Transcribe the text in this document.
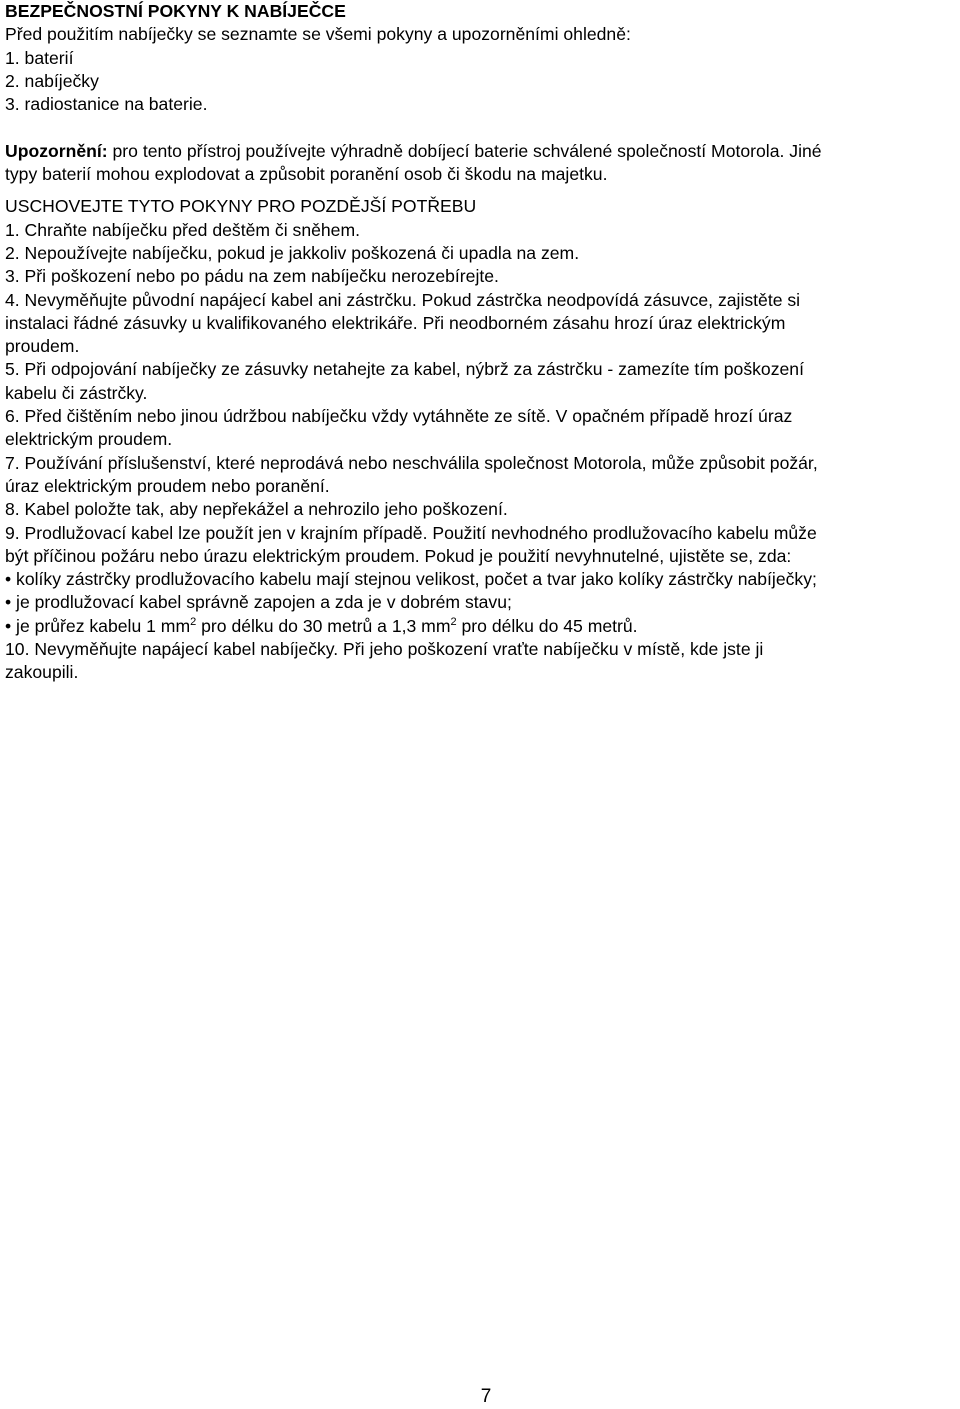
BEZPEČNOSTNÍ POKYNY K NABÍJEČCE
Před použitím nabíječky se seznamte se všemi pokyny a upozorněními ohledně:
1. baterií
2. nabíječky
3. radiostanice na baterie.
Upozornění: pro tento přístroj používejte výhradně dobíjecí baterie schválené společností Motorola. Jiné
typy baterií mohou explodovat a způsobit poranění osob či škodu na majetku.
USCHOVEJTE TYTO POKYNY PRO POZDĚJŠÍ POTŘEBU
1. Chraňte nabíječku před deštěm či sněhem.
2. Nepoužívejte nabíječku, pokud je jakkoliv poškozená či upadla na zem.
3. Při poškození nebo po pádu na zem nabíječku nerozebírejte.
4. Nevyměňujte původní napájecí kabel ani zástrčku. Pokud zástrčka neodpovídá zásuvce, zajistěte si
instalaci řádné zásuvky u kvalifikovaného elektrikáře. Při neodborném zásahu hrozí úraz elektrickým
proudem.
5. Při odpojování nabíječky ze zásuvky netahejte za kabel, nýbrž za zástrčku - zamezíte tím poškození
kabelu či zástrčky.
6. Před čištěním nebo jinou údržbou nabíječku vždy vytáhněte ze sítě. V opačném případě hrozí úraz
elektrickým proudem.
7. Používání příslušenství, které neprodává nebo neschválila společnost Motorola, může způsobit požár,
úraz elektrickým proudem nebo poranění.
8. Kabel položte tak, aby nepřekážel a nehrozilo jeho poškození.
9. Prodlužovací kabel lze použít jen v krajním případě. Použití nevhodného prodlužovacího kabelu může
být příčinou požáru nebo úrazu elektrickým proudem. Pokud je použití nevyhnutelné, ujistěte se, zda:
• kolíky zástrčky prodlužovacího kabelu mají stejnou velikost, počet a tvar jako kolíky zástrčky nabíječky;
• je prodlužovací kabel správně zapojen a zda je v dobrém stavu;
• je průřez kabelu 1 $mm^2$ pro délku do 30 metrů a 1,3 $mm^2$ pro délku do 45 metrů.
10. Nevyměňujte napájecí kabel nabíječky. Při jeho poškození vraťte nabíječku v místě, kde jste ji
zakoupili.
7
